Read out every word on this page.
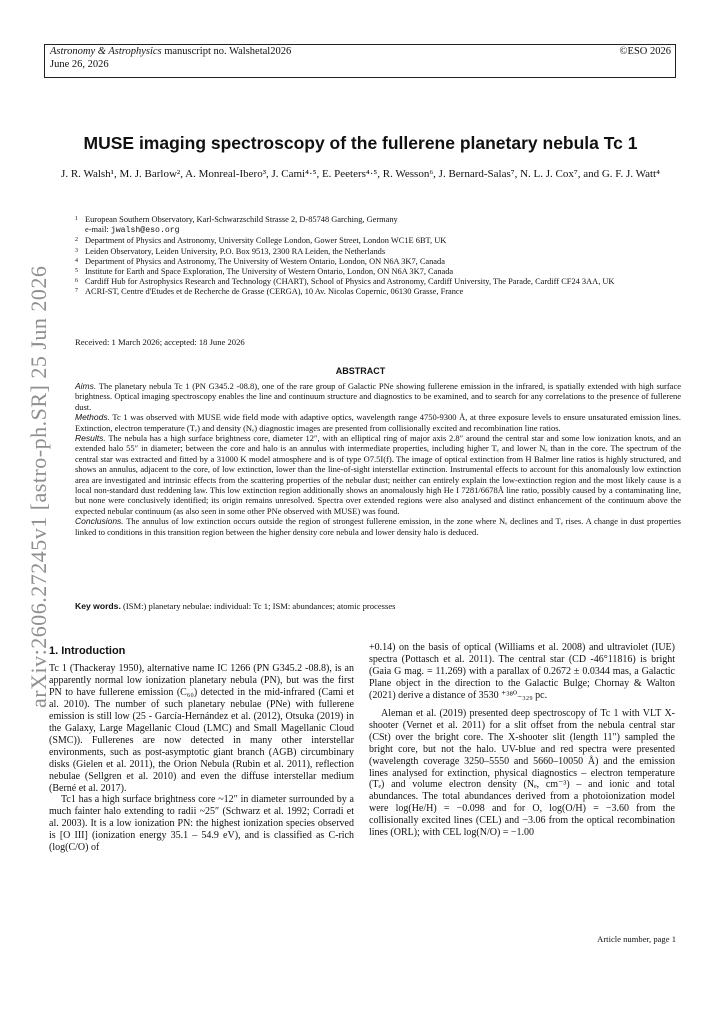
Astronomy & Astrophysics manuscript no. Walshetal2026
June 26, 2026
©ESO 2026
arXiv:2606.27245v1 [astro-ph.SR] 25 Jun 2026
MUSE imaging spectroscopy of the fullerene planetary nebula Tc 1
J. R. Walsh¹, M. J. Barlow², A. Monreal-Ibero³, J. Cami⁴·⁵, E. Peeters⁴·⁵, R. Wesson⁶, J. Bernard-Salas⁷, N. L. J. Cox⁷, and G. F. J. Watt⁴
1 European Southern Observatory, Karl-Schwarzschild Strasse 2, D-85748 Garching, Germany
e-mail: jwalsh@eso.org
2 Department of Physics and Astronomy, University College London, Gower Street, London WC1E 6BT, UK
3 Leiden Observatory, Leiden University, P.O. Box 9513, 2300 RA Leiden, the Netherlands
4 Department of Physics and Astronomy, The University of Western Ontario, London, ON N6A 3K7, Canada
5 Institute for Earth and Space Exploration, The University of Western Ontario, London, ON N6A 3K7, Canada
6 Cardiff Hub for Astrophysics Research and Technology (CHART), School of Physics and Astronomy, Cardiff University, The Parade, Cardiff CF24 3AA, UK
7 ACRI-ST, Centre d'Etudes et de Recherche de Grasse (CERGA), 10 Av. Nicolas Copernic, 06130 Grasse, France
Received: 1 March 2026; accepted: 18 June 2026
ABSTRACT

Aims. The planetary nebula Tc 1 (PN G345.2 -08.8), one of the rare group of Galactic PNe showing fullerene emission in the infrared, is spatially extended with high surface brightness. Optical imaging spectroscopy enables the line and continuum structure and diagnostics to be examined, and to search for any correlations to the presence of fullerene dust.

Methods. Tc 1 was observed with MUSE wide field mode with adaptive optics, wavelength range 4750-9300 Å, at three exposure levels to ensure unsaturated emission lines. Extinction, electron temperature (Tₑ) and density (Nₑ) diagnostic images are presented from collisionally excited and recombination line ratios.

Results. The nebula has a high surface brightness core, diameter 12″, with an elliptical ring of major axis 2.8″ around the central star and some low ionization knots, and an extended halo 55″ in diameter; between the core and halo is an annulus with intermediate properties, including higher Tₑ and lower Nₑ than in the core. The spectrum of the central star was extracted and fitted by a 31000 K model atmosphere and is of type O7.5I(f). The image of optical extinction from H Balmer line ratios is highly structured, and shows an annulus, adjacent to the core, of low extinction, lower than the line-of-sight interstellar extinction. Instrumental effects to account for this anomalously low extinction area are investigated and intrinsic effects from the scattering properties of the nebular dust; neither can entirely explain the low-extinction region and the most likely cause is a local non-standard dust reddening law. This low extinction region additionally shows an anomalously high He I 7281/6678Å line ratio, possibly caused by a contaminating line, but none were conclusively identified; its origin remains unresolved. Spectra over extended regions were also analysed and distinct enhancement of the continuum above the expected nebular continuum (as also seen in some other PNe observed with MUSE) was found.

Conclusions. The annulus of low extinction occurs outside the region of strongest fullerene emission, in the zone where Nₑ declines and Tₑ rises. A change in dust properties linked to conditions in this transition region between the higher density core nebula and lower density halo is deduced.

Key words. (ISM:) planetary nebulae: individual: Tc 1; ISM: abundances; atomic processes
1. Introduction

Tc 1 (Thackeray 1950), alternative name IC 1266 (PN G345.2 -08.8), is an apparently normal low ionization planetary nebula (PN), but was the first PN to have fullerene emission (C₆₀) detected in the mid-infrared (Cami et al. 2010). The number of such planetary nebulae (PNe) with fullerene emission is still low (25 - García-Hernández et al. (2012), Otsuka (2019) in the Galaxy, Large Magellanic Cloud (LMC) and Small Magellanic Cloud (SMC)). Fullerenes are now detected in many other interstellar environments, such as post-asymptotic giant branch (AGB) circumbinary disks (Gielen et al. 2011), the Orion Nebula (Rubin et al. 2011), reflection nebulae (Sellgren et al. 2010) and even the diffuse interstellar medium (Berné et al. 2017).

Tc1 has a high surface brightness core ~12″ in diameter surrounded by a much fainter halo extending to radii ~25″ (Schwarz et al. 1992; Corradi et al. 2003). It is a low ionization PN: the highest ionization species observed is [O III] (ionization energy 35.1 – 54.9 eV), and is classified as C-rich (log(C/O) of

+0.14) on the basis of optical (Williams et al. 2008) and ultraviolet (IUE) spectra (Pottasch et al. 2011). The central star (CD -46°11816) is bright (Gaia G mag. = 11.269) with a parallax of 0.2672 ± 0.0344 mas, a Galactic Plane object in the direction to the Galactic Bulge; Chornay & Walton (2021) derive a distance of 3530 ⁺³⁸⁰₋₃₂₉ pc.

Aleman et al. (2019) presented deep spectroscopy of Tc 1 with VLT X-shooter (Vernet et al. 2011) for a slit offset from the nebula central star (CSt) over the bright core. The X-shooter slit (length 11″) sampled the bright core, but not the halo. UV-blue and red spectra were presented (wavelength coverage 3250–5550 and 5660–10050 Å) and the emission lines analysed for extinction, physical diagnostics – electron temperature (Tₑ) and volume electron density (Nₑ, cm⁻³) – and ionic and total abundances. The total abundances derived from a photoionization model were log(He/H) = −0.098 and for O, log(O/H) = −3.60 from the collisionally excited lines (CEL) and −3.06 from the optical recombination lines (ORL); with CEL log(N/O) = −1.00

Article number, page 1
